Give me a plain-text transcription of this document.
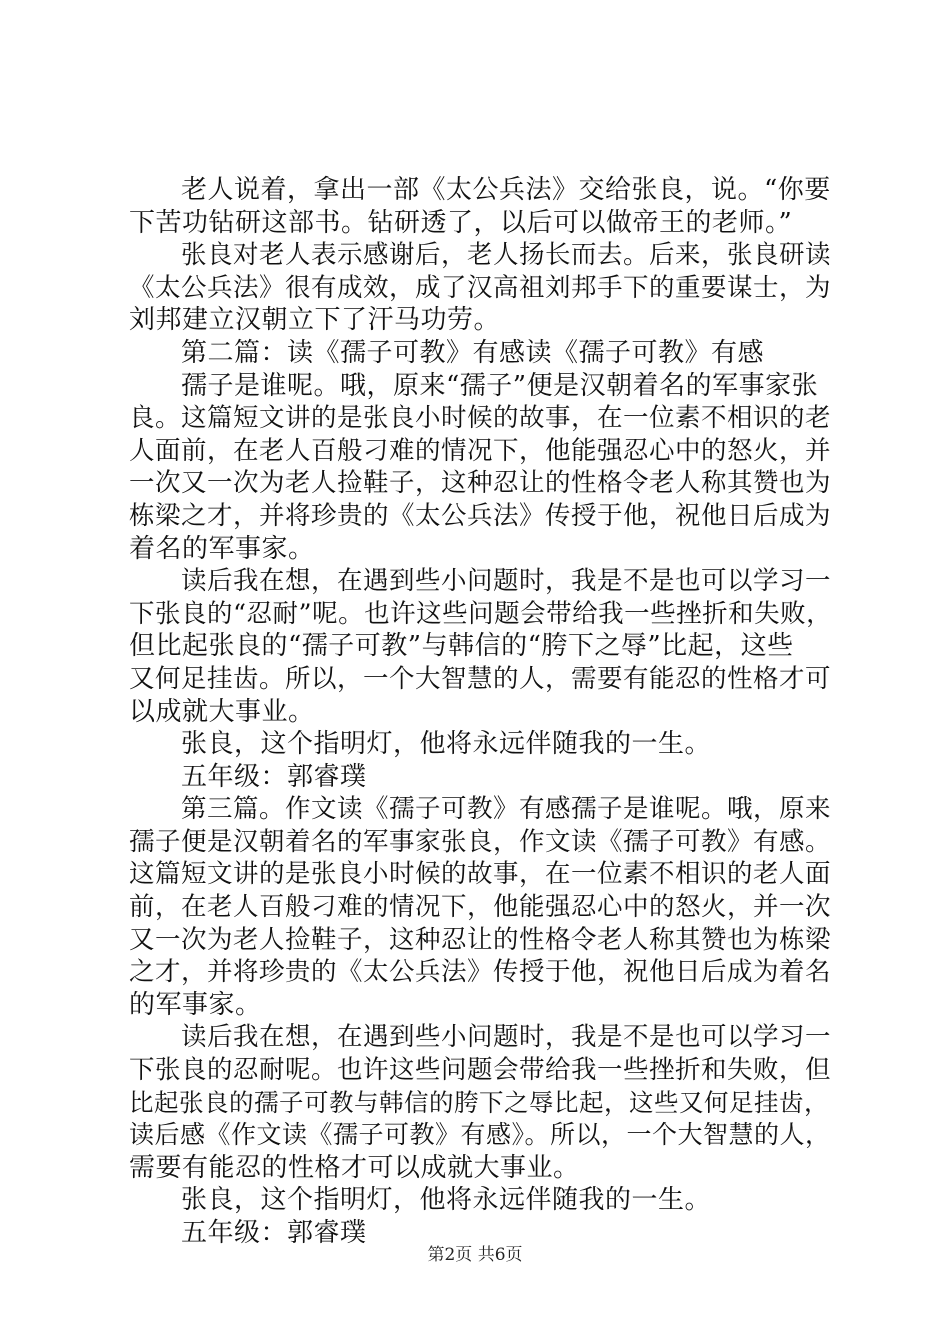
老人说着，拿出一部《太公兵法》交给张良，说。“你要
下苦功钻研这部书。钻研透了，以后可以做帝王的老师。”
张良对老人表示感谢后，老人扬长而去。后来，张良研读
《太公兵法》很有成效，成了汉高祖刘邦手下的重要谋士，为
刘邦建立汉朝立下了汗马功劳。
第二篇：读《孺子可教》有感读《孺子可教》有感
孺子是谁呢。哦，原来“孺子”便是汉朝着名的军事家张
良。这篇短文讲的是张良小时候的故事，在一位素不相识的老
人面前，在老人百般刁难的情况下，他能强忍心中的怒火，并
一次又一次为老人捡鞋子，这种忍让的性格令老人称其赞也为
栋梁之才，并将珍贵的《太公兵法》传授于他，祝他日后成为
着名的军事家。
读后我在想，在遇到些小问题时，我是不是也可以学习一
下张良的“忍耐”呢。也许这些问题会带给我一些挫折和失败，
但比起张良的“孺子可教”与韩信的“胯下之辱”比起，这些
又何足挂齿。所以，一个大智慧的人，需要有能忍的性格才可
以成就大事业。
张良，这个指明灯，他将永远伴随我的一生。
五年级：郭睿璞
第三篇。作文读《孺子可教》有感孺子是谁呢。哦，原来
孺子便是汉朝着名的军事家张良，作文读《孺子可教》有感。
这篇短文讲的是张良小时候的故事，在一位素不相识的老人面
前，在老人百般刁难的情况下，他能强忍心中的怒火，并一次
又一次为老人捡鞋子，这种忍让的性格令老人称其赞也为栋梁
之才，并将珍贵的《太公兵法》传授于他，祝他日后成为着名
的军事家。
读后我在想，在遇到些小问题时，我是不是也可以学习一
下张良的忍耐呢。也许这些问题会带给我一些挫折和失败，但
比起张良的孺子可教与韩信的胯下之辱比起，这些又何足挂齿，
读后感《作文读《孺子可教》有感》。所以，一个大智慧的人，
需要有能忍的性格才可以成就大事业。
张良，这个指明灯，他将永远伴随我的一生。
五年级：郭睿璞
第2页 共6页
